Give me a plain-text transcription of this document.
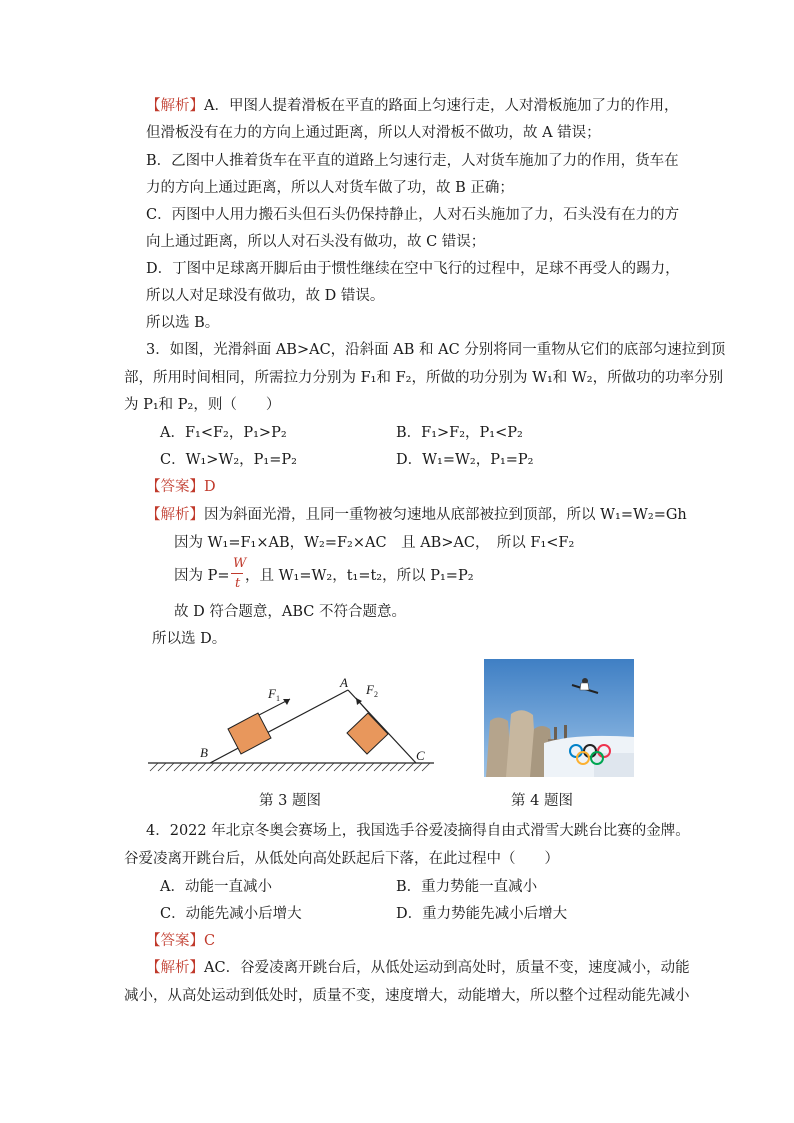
【解析】A．甲图人提着滑板在平直的路面上匀速行走，人对滑板施加了力的作用，
但滑板没有在力的方向上通过距离，所以人对滑板不做功，故 A 错误；
B．乙图中人推着货车在平直的道路上匀速行走，人对货车施加了力的作用，货车在
力的方向上通过距离，所以人对货车做了功，故 B 正确；
C．丙图中人用力搬石头但石头仍保持静止，人对石头施加了力，石头没有在力的方
向上通过距离，所以人对石头没有做功，故 C 错误；
D．丁图中足球离开脚后由于惯性继续在空中飞行的过程中，足球不再受人的踢力，
所以人对足球没有做功，故 D 错误。
所以选 B。
3．如图，光滑斜面 AB>AC，沿斜面 AB 和 AC 分别将同一重物从它们的底部匀速拉到顶
部，所用时间相同，所需拉力分别为 F₁和 F₂，所做的功分别为 W₁和 W₂，所做功的功率分别
为 P₁和 P₂，则（　　）
A．F₁<F₂，P₁>P₂	B．F₁>F₂，P₁<P₂
C．W₁>W₂，P₁=P₂	D．W₁=W₂，P₁=P₂
【答案】D
【解析】因为斜面光滑，且同一重物被匀速地从底部被拉到顶部，所以 W₁=W₂=Gh
因为 W₁=F₁×AB，W₂=F₂×AC　且 AB>AC，　所以 F₁<F₂
因为 P=
W
t ，且 W₁=W₂，t₁=t₂，所以 P₁=P₂
故 D 符合题意，ABC 不符合题意。
所以选 D。
A
B	C
$F_1$
$F_2$
第 3 题图	第 4 题图
4．2022 年北京冬奥会赛场上，我国选手谷爱凌摘得自由式滑雪大跳台比赛的金牌。
谷爱凌离开跳台后，从低处向高处跃起后下落，在此过程中（　　）
A．动能一直减小	B．重力势能一直减小
C．动能先减小后增大	D．重力势能先减小后增大
【答案】C
【解析】AC．谷爱凌离开跳台后，从低处运动到高处时，质量不变，速度减小，动能
减小，从高处运动到低处时，质量不变，速度增大，动能增大，所以整个过程动能先减小
